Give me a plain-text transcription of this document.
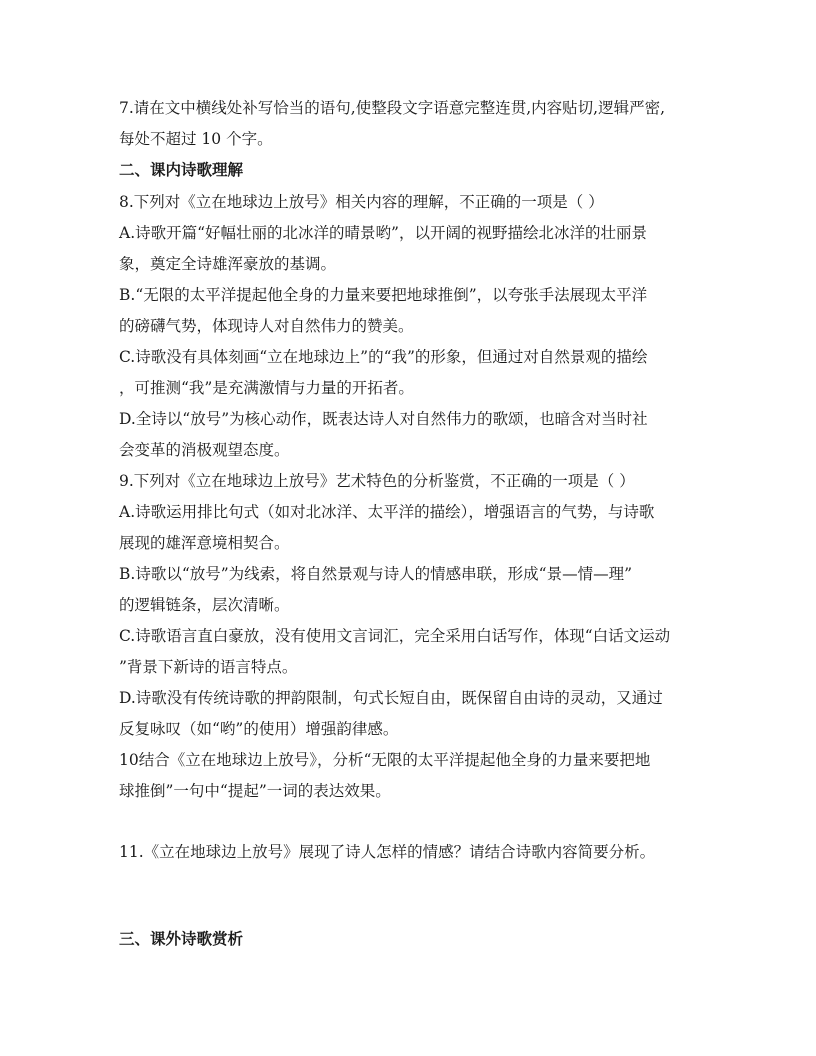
7.请在文中横线处补写恰当的语句,使整段文字语意完整连贯,内容贴切,逻辑严密,
每处不超过 10 个字。
二、课内诗歌理解
8.下列对《立在地球边上放号》相关内容的理解，不正确的一项是（ ）
A.诗歌开篇“好幅壮丽的北冰洋的晴景哟”，以开阔的视野描绘北冰洋的壮丽景
象，奠定全诗雄浑豪放的基调。
B.“无限的太平洋提起他全身的力量来要把地球推倒”，以夸张手法展现太平洋
的磅礴气势，体现诗人对自然伟力的赞美。
C.诗歌没有具体刻画“立在地球边上”的“我”的形象，但通过对自然景观的描绘
，可推测“我”是充满激情与力量的开拓者。
D.全诗以“放号”为核心动作，既表达诗人对自然伟力的歌颂，也暗含对当时社
会变革的消极观望态度。
9.下列对《立在地球边上放号》艺术特色的分析鉴赏，不正确的一项是（ ）
A.诗歌运用排比句式（如对北冰洋、太平洋的描绘），增强语言的气势，与诗歌
展现的雄浑意境相契合。
B.诗歌以“放号”为线索，将自然景观与诗人的情感串联，形成“景—情—理”
的逻辑链条，层次清晰。
C.诗歌语言直白豪放，没有使用文言词汇，完全采用白话写作，体现“白话文运动
”背景下新诗的语言特点。
D.诗歌没有传统诗歌的押韵限制，句式长短自由，既保留自由诗的灵动，又通过
反复咏叹（如“哟”的使用）增强韵律感。
10结合《立在地球边上放号》，分析“无限的太平洋提起他全身的力量来要把地
球推倒”一句中“提起”一词的表达效果。
11.《立在地球边上放号》展现了诗人怎样的情感？请结合诗歌内容简要分析。
三、课外诗歌赏析
